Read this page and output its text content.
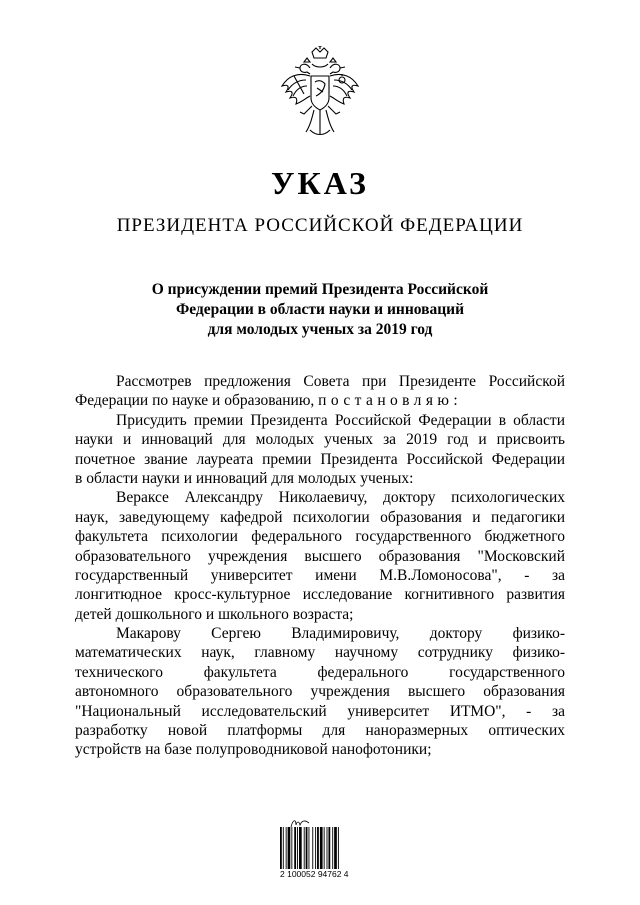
УКАЗ
ПРЕЗИДЕНТА РОССИЙСКОЙ ФЕДЕРАЦИИ
О присуждении премий Президента Российской
Федерации в области науки и инноваций
для молодых ученых за 2019 год
Рассмотрев предложения Совета при Президенте Российской
Федерации по науке и образованию, постановляю:
Присудить премии Президента Российской Федерации в области
науки и инноваций для молодых ученых за 2019 год и присвоить
почетное звание лауреата премии Президента Российской Федерации
в области науки и инноваций для молодых ученых:
Вераксе Александру Николаевичу, доктору психологических
наук, заведующему кафедрой психологии образования и педагогики
факультета психологии федерального государственного бюджетного
образовательного учреждения высшего образования "Московский
государственный университет имени М.В.Ломоносова", - за
лонгитюдное кросс-культурное исследование когнитивного развития
детей дошкольного и школьного возраста;
Макарову Сергею Владимировичу, доктору физико-
математических наук, главному научному сотруднику физико-
технического факультета федерального государственного
автономного образовательного учреждения высшего образования
"Национальный исследовательский университет ИТМО", - за
разработку новой платформы для наноразмерных оптических
устройств на базе полупроводниковой нанофотоники;
2 100052 94762 4
